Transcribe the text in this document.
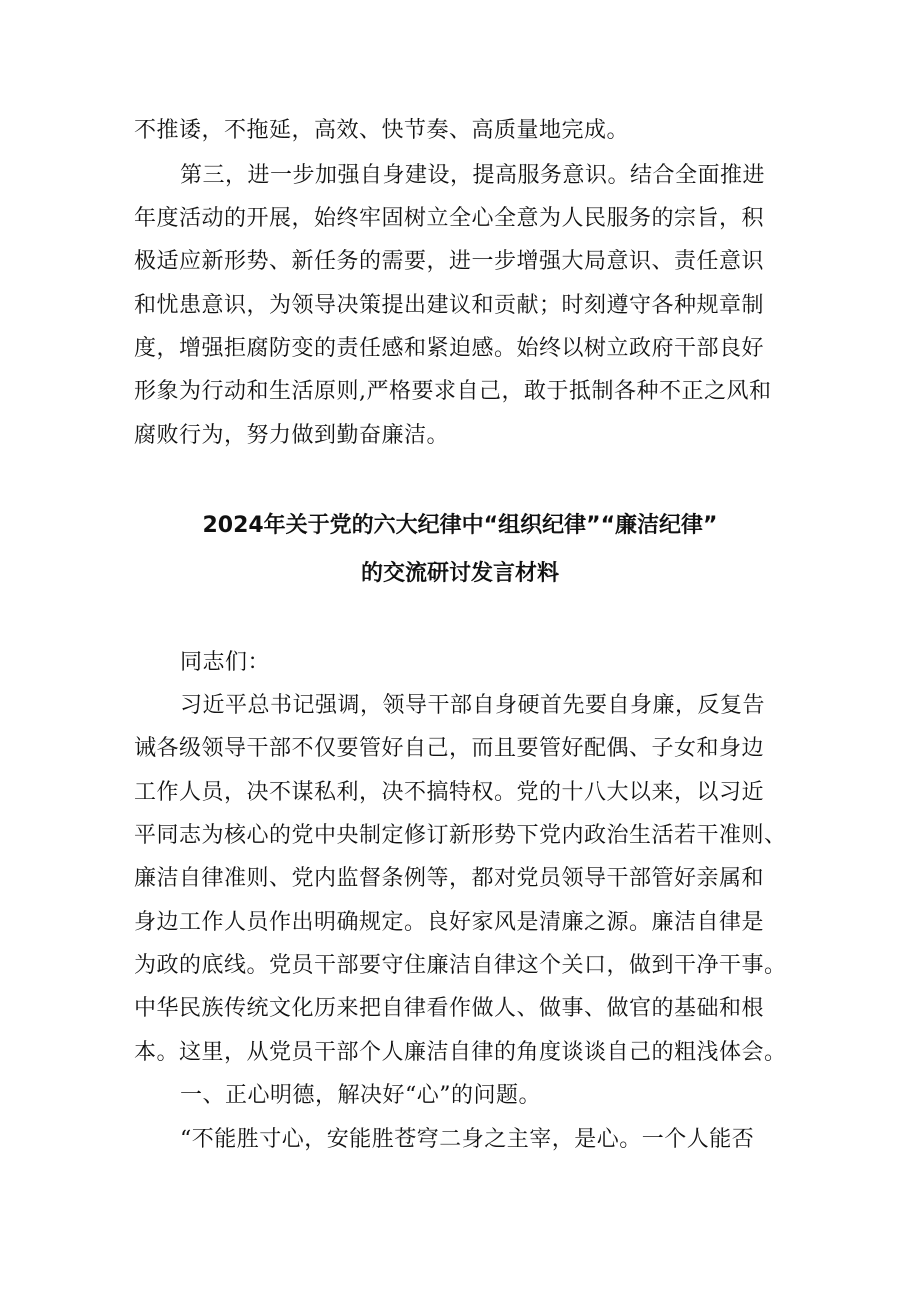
不推诿，不拖延，高效、快节奏、高质量地完成。
第三，进一步加强自身建设，提高服务意识。结合全面推进
年度活动的开展，始终牢固树立全心全意为人民服务的宗旨，积
极适应新形势、新任务的需要，进一步增强大局意识、责任意识
和忧患意识，为领导决策提出建议和贡献；时刻遵守各种规章制
度，增强拒腐防变的责任感和紧迫感。始终以树立政府干部良好
形象为行动和生活原则,严格要求自己，敢于抵制各种不正之风和
腐败行为，努力做到勤奋廉洁。
2024年关于党的六大纪律中“组织纪律”“廉洁纪律”
的交流研讨发言材料
同志们：
习近平总书记强调，领导干部自身硬首先要自身廉，反复告
诫各级领导干部不仅要管好自己，而且要管好配偶、子女和身边
工作人员，决不谋私利，决不搞特权。党的十八大以来，以习近
平同志为核心的党中央制定修订新形势下党内政治生活若干准则、
廉洁自律准则、党内监督条例等，都对党员领导干部管好亲属和
身边工作人员作出明确规定。良好家风是清廉之源。廉洁自律是
为政的底线。党员干部要守住廉洁自律这个关口，做到干净干事。
中华民族传统文化历来把自律看作做人、做事、做官的基础和根
本。这里，从党员干部个人廉洁自律的角度谈谈自己的粗浅体会。
一、正心明德，解决好“心”的问题。
“不能胜寸心，安能胜苍穹二身之主宰，是心。一个人能否
